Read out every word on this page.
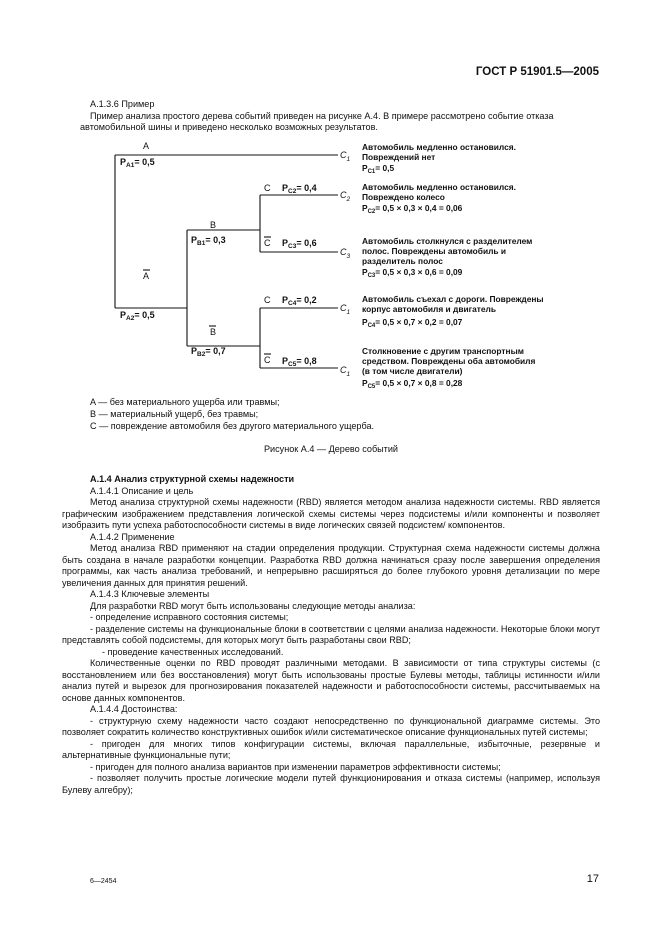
ГОСТ Р 51901.5—2005

A.1.3.6 Пример

Пример анализа простого дерева событий приведен на рисунке А.4. В примере рассмотрено событие отказа

автомобильной шины и приведено несколько возможных результатов.

A
$P_{A1}= 0,5$
A
$P_{A2}= 0,5$
B
$P_{B1}= 0,3$
B
$P_{B2}= 0,7$
C $P_{C2}= 0,4$
C $P_{C3}= 0,6$
C $P_{C4}= 0,2$
C $P_{C5}= 0,8$
$C_1$
$C_2$
$C_3$
$C_1$
$C_1$
Автомобиль медленно остановился.
Повреждений нет
$P_{C1}= 0,5$
Автомобиль медленно остановился.
Повреждено колесо
$P_{C2}= 0,5 \times 0,3 \times 0,4 = 0,06$
Автомобиль столкнулся с разделителем
полос. Повреждены автомобиль и
разделитель полос
$P_{C3}= 0,5 \times 0,3 \times 0,6 = 0,09$
Автомобиль съехал с дороги. Повреждены
корпус автомобиля и двигатель
$P_{C4}= 0,5 \times 0,7 \times 0,2 = 0,07$
Столкновение с другим транспортным
средством. Повреждены оба автомобиля
(в том числе двигатели)
$P_{C5}= 0,5 \times 0,7 \times 0,8 = 0,28$
A — без материального ущерба или травмы;
B — материальный ущерб, без травмы;
C — повреждение автомобиля без другого материального ущерба.
Рисунок А.4 — Дерево событий

А.1.4 Анализ структурной схемы надежности

А.1.4.1 Описание и цель

Метод анализа структурной схемы надежности (RBD) является методом анализа надежности системы. RBD является графическим изображением представления логической схемы системы через подсистемы и/или компоненты и позволяет изобразить пути успеха работоспособности системы в виде логических связей подсистем/ компонентов.

А.1.4.2 Применение

Метод анализа RBD применяют на стадии определения продукции. Структурная схема надежности системы должна быть создана в начале разработки концепции. Разработка RBD должна начинаться сразу после завершения определения программы, как часть анализа требований, и непрерывно расширяться до более глубокого уровня детализации по мере увеличения данных для принятия решений.

А.1.4.3 Ключевые элементы

Для разработки RBD могут быть использованы следующие методы анализа:

- определение исправного состояния системы;

- разделение системы на функциональные блоки в соответствии с целями анализа надежности. Некоторые блоки могут представлять собой подсистемы, для которых могут быть разработаны свои RBD;

- проведение качественных исследований.

Количественные оценки по RBD проводят различными методами. В зависимости от типа структуры системы (с восстановлением или без восстановления) могут быть использованы простые Булевы методы, таблицы истинности и/или анализ путей и вырезок для прогнозирования показателей надежности и работоспособности системы, рассчитываемых на основе данных компонентов.

А.1.4.4 Достоинства:

- структурную схему надежности часто создают непосредственно по функциональной диаграмме системы. Это позволяет сократить количество конструктивных ошибок и/или систематическое описание функциональных путей системы;

- пригоден для многих типов конфигурации системы, включая параллельные, избыточные, резервные и альтернативные функциональные пути;

- пригоден для полного анализа вариантов при изменении параметров эффективности системы;

- позволяет получить простые логические модели путей функционирования и отказа системы (например, используя Булеву алгебру);

6—2454	17
